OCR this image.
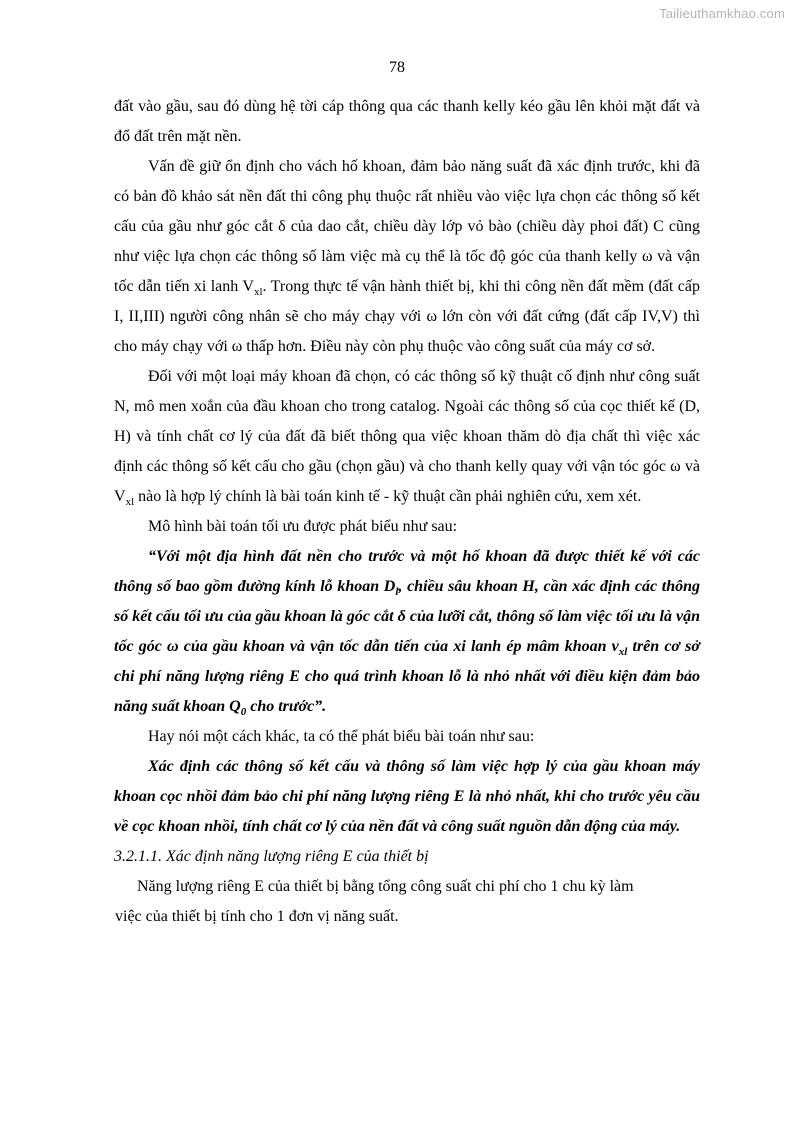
Tailieuthamkhao.com
78

đất vào gầu, sau đó dùng hệ tời cáp thông qua các thanh kelly kéo gầu lên khỏi mặt đất và đổ đất trên mặt nền.

Vấn đề giữ ổn định cho vách hố khoan, đảm bảo năng suất đã xác định trước, khi đã có bản đồ khảo sát nền đất thi công phụ thuộc rất nhiều vào việc lựa chọn các thông số kết cấu của gầu như góc cắt δ của dao cắt, chiều dày lớp vỏ bào (chiều dày phoi đất) C cũng như việc lựa chọn các thông số làm việc mà cụ thể là tốc độ góc của thanh kelly ω và vận tốc dẫn tiến xi lanh $V_{xl}$. Trong thực tế vận hành thiết bị, khi thi công nền đất mềm (đất cấp I, II,III) người công nhân sẽ cho máy chạy với ω lớn còn với đất cứng (đất cấp IV,V) thì cho máy chạy với ω thấp hơn. Điều này còn phụ thuộc vào công suất của máy cơ sở.

Đối với một loại máy khoan đã chọn, có các thông số kỹ thuật cố định như công suất N, mô men xoắn của đầu khoan cho trong catalog. Ngoài các thông số của cọc thiết kế (D, H) và tính chất cơ lý của đất đã biết thông qua việc khoan thăm dò địa chất thì việc xác định các thông số kết cấu cho gầu (chọn gầu) và cho thanh kelly quay với vận tóc góc ω và $V_{xl}$ nào là hợp lý chính là bài toán kinh tế - kỹ thuật cần phải nghiên cứu, xem xét.

Mô hình bài toán tối ưu được phát biểu như sau:

“Với một địa hình đất nền cho trước và một hố khoan đã được thiết kế với các thông số bao gồm đường kính lỗ khoan $D_l$, chiều sâu khoan H, cần xác định các thông số kết cấu tối ưu của gầu khoan là góc cắt δ của lưỡi cắt, thông số làm việc tối ưu là vận tốc góc ω của gầu khoan và vận tốc dẫn tiến của xi lanh ép mâm khoan $v_{xl}$ trên cơ sở chi phí năng lượng riêng E cho quá trình khoan lỗ là nhỏ nhất với điều kiện đảm bảo năng suất khoan $Q_0$ cho trước”.

Hay nói một cách khác, ta có thể phát biểu bài toán như sau:

Xác định các thông số kết cấu và thông số làm việc hợp lý của gầu khoan máy khoan cọc nhồi đảm bảo chi phí năng lượng riêng E là nhỏ nhất, khi cho trước yêu cầu về cọc khoan nhồi, tính chất cơ lý của nền đất và công suất nguồn dẫn động của máy.

3.2.1.1. Xác định năng lượng riêng E của thiết bị

Năng lượng riêng E của thiết bị bằng tổng công suất chi phí cho 1 chu kỳ làm

việc của thiết bị tính cho 1 đơn vị năng suất.
